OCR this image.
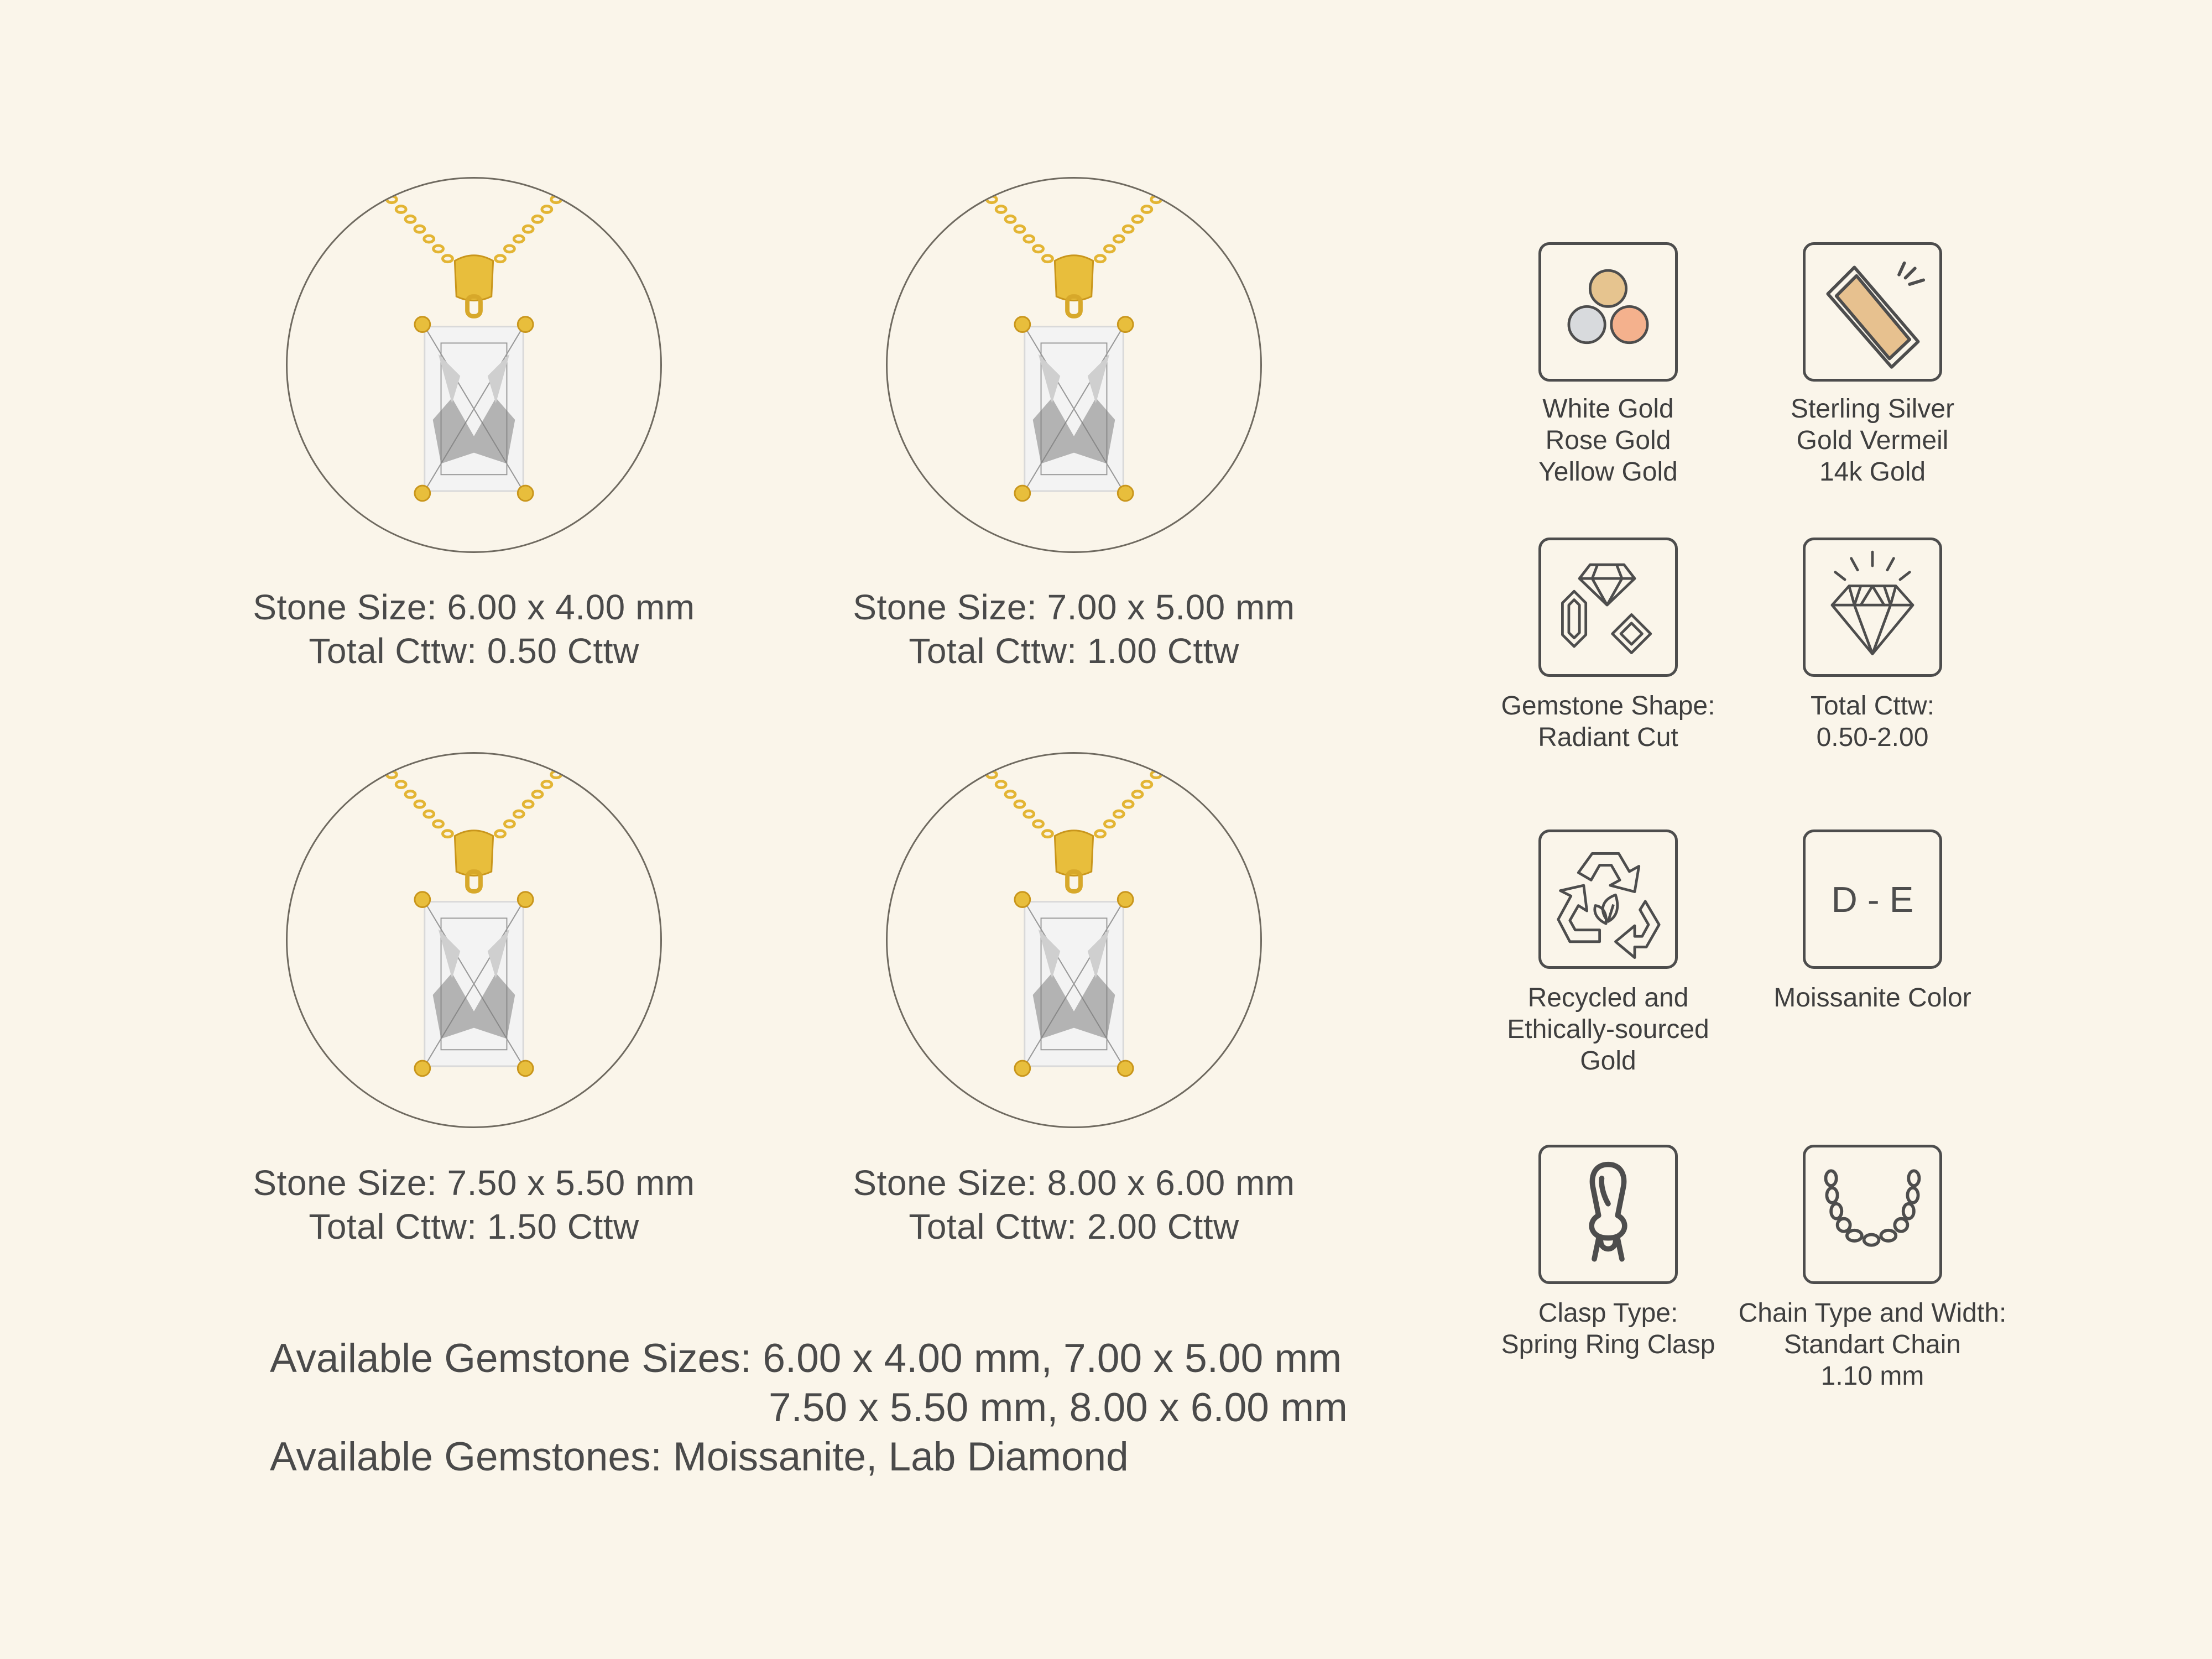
Stone Size: 6.00 x 4.00 mm
Total Cttw: 0.50 Cttw
Stone Size: 7.00 x 5.00 mm
Total Cttw: 1.00 Cttw
Stone Size: 7.50 x 5.50 mm
Total Cttw: 1.50 Cttw
Stone Size: 8.00 x 6.00 mm
Total Cttw: 2.00 Cttw
Available Gemstone Sizes: 6.00 x 4.00 mm, 7.00 x 5.00 mm
7.50 x 5.50 mm, 8.00 x 6.00 mm
Available Gemstones: Moissanite, Lab Diamond
White Gold
Rose Gold
Yellow Gold
Sterling Silver
Gold Vermeil
14k Gold
Gemstone Shape:
Radiant Cut
Total Cttw:
0.50-2.00
Recycled and
Ethically-sourced
Gold
D - E
Moissanite Color
Clasp Type:
Spring Ring Clasp
Chain Type and Width:
Standart Chain
1.10 mm
